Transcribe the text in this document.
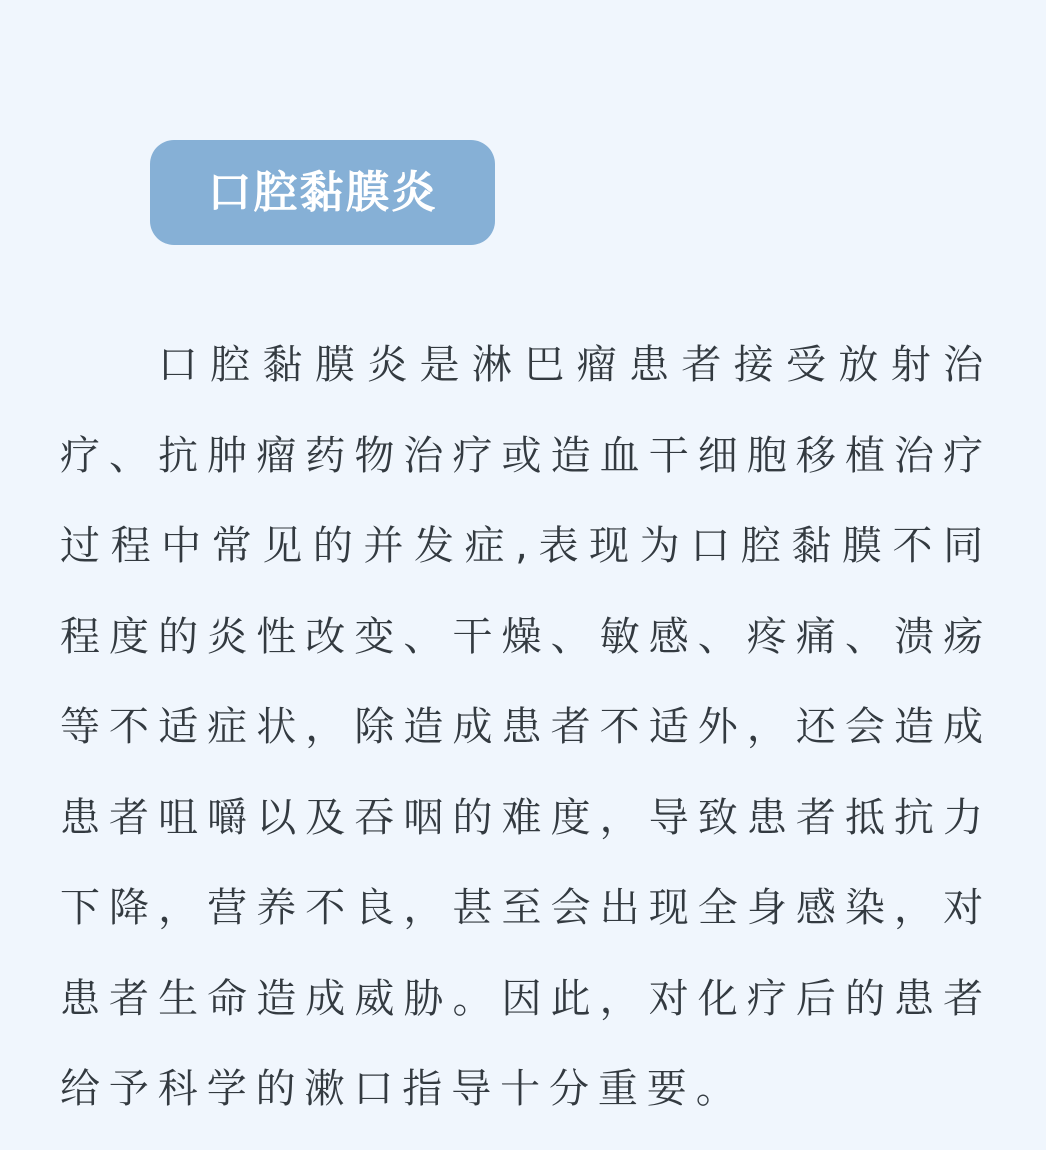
口腔黏膜炎

口腔黏膜炎是淋巴瘤患者接受放射治疗、抗肿瘤药物治疗或造血干细胞移植治疗过程中常见的并发症,表现为口腔黏膜不同程度的炎性改变、干燥、敏感、疼痛、溃疡等不适症状，除造成患者不适外，还会造成患者咀嚼以及吞咽的难度，导致患者抵抗力下降，营养不良，甚至会出现全身感染，对患者生命造成威胁。因此，对化疗后的患者给予科学的漱口指导十分重要。
